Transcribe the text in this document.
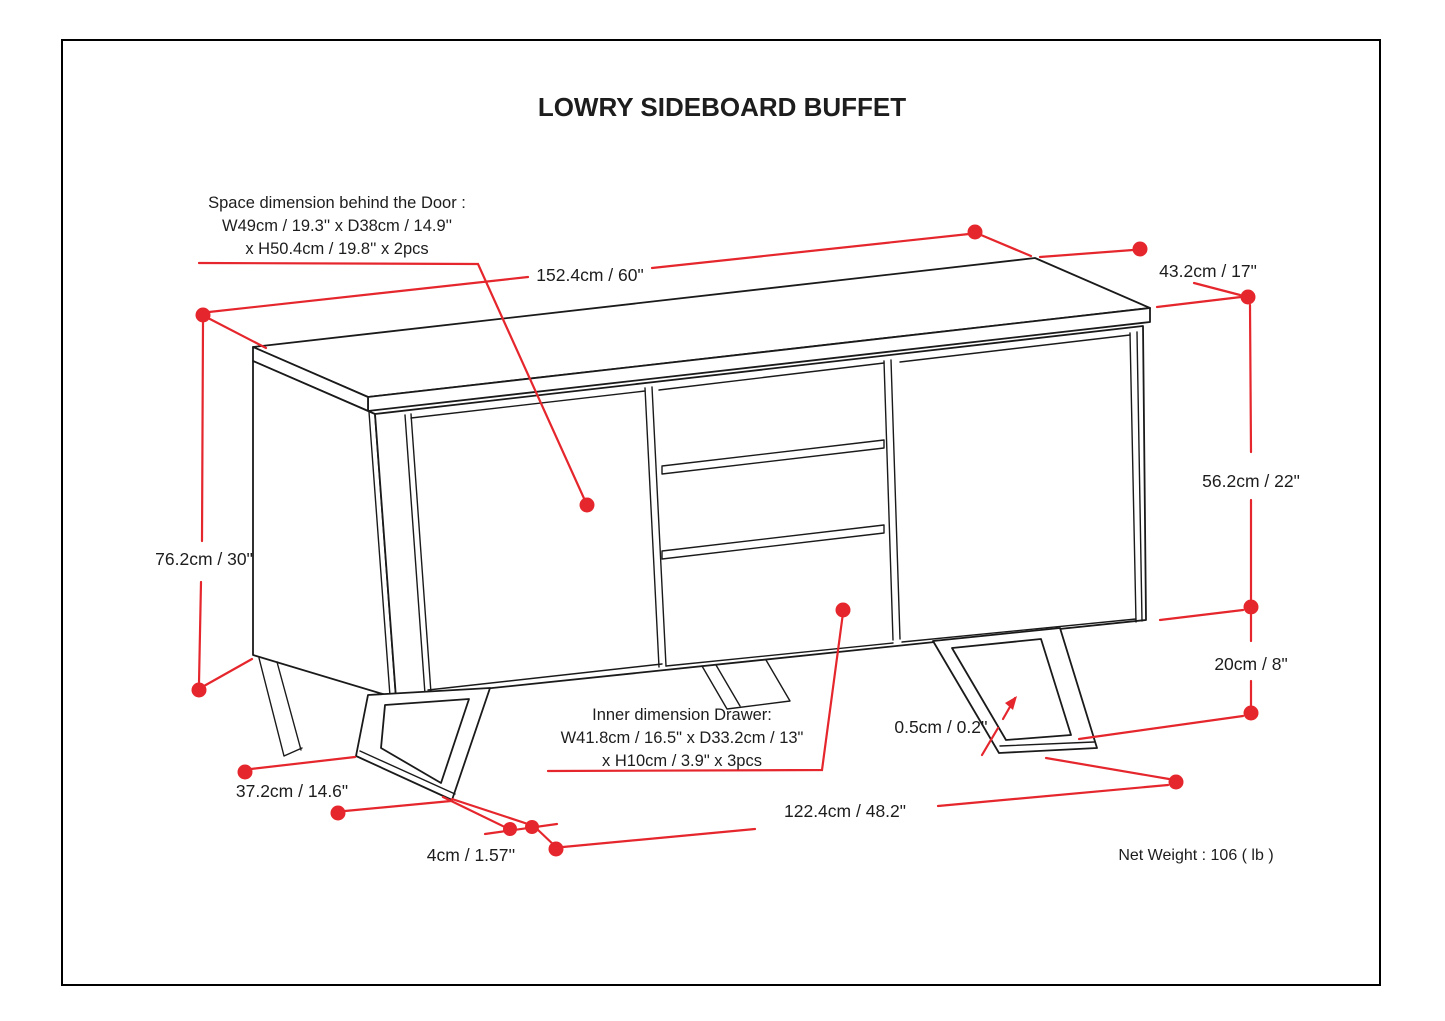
LOWRY SIDEBOARD BUFFET
Space dimension behind the Door :
W49cm / 19.3'' x D38cm / 14.9''
x H50.4cm / 19.8'' x 2pcs
152.4cm / 60"	43.2cm / 17"
76.2cm / 30"
56.2cm / 22"
20cm / 8"
Inner dimension Drawer:
W41.8cm / 16.5" x D33.2cm / 13"
x H10cm / 3.9" x 3pcs
0.5cm / 0.2''
37.2cm / 14.6"
4cm / 1.57''
122.4cm / 48.2"
Net Weight : 106 ( lb )
